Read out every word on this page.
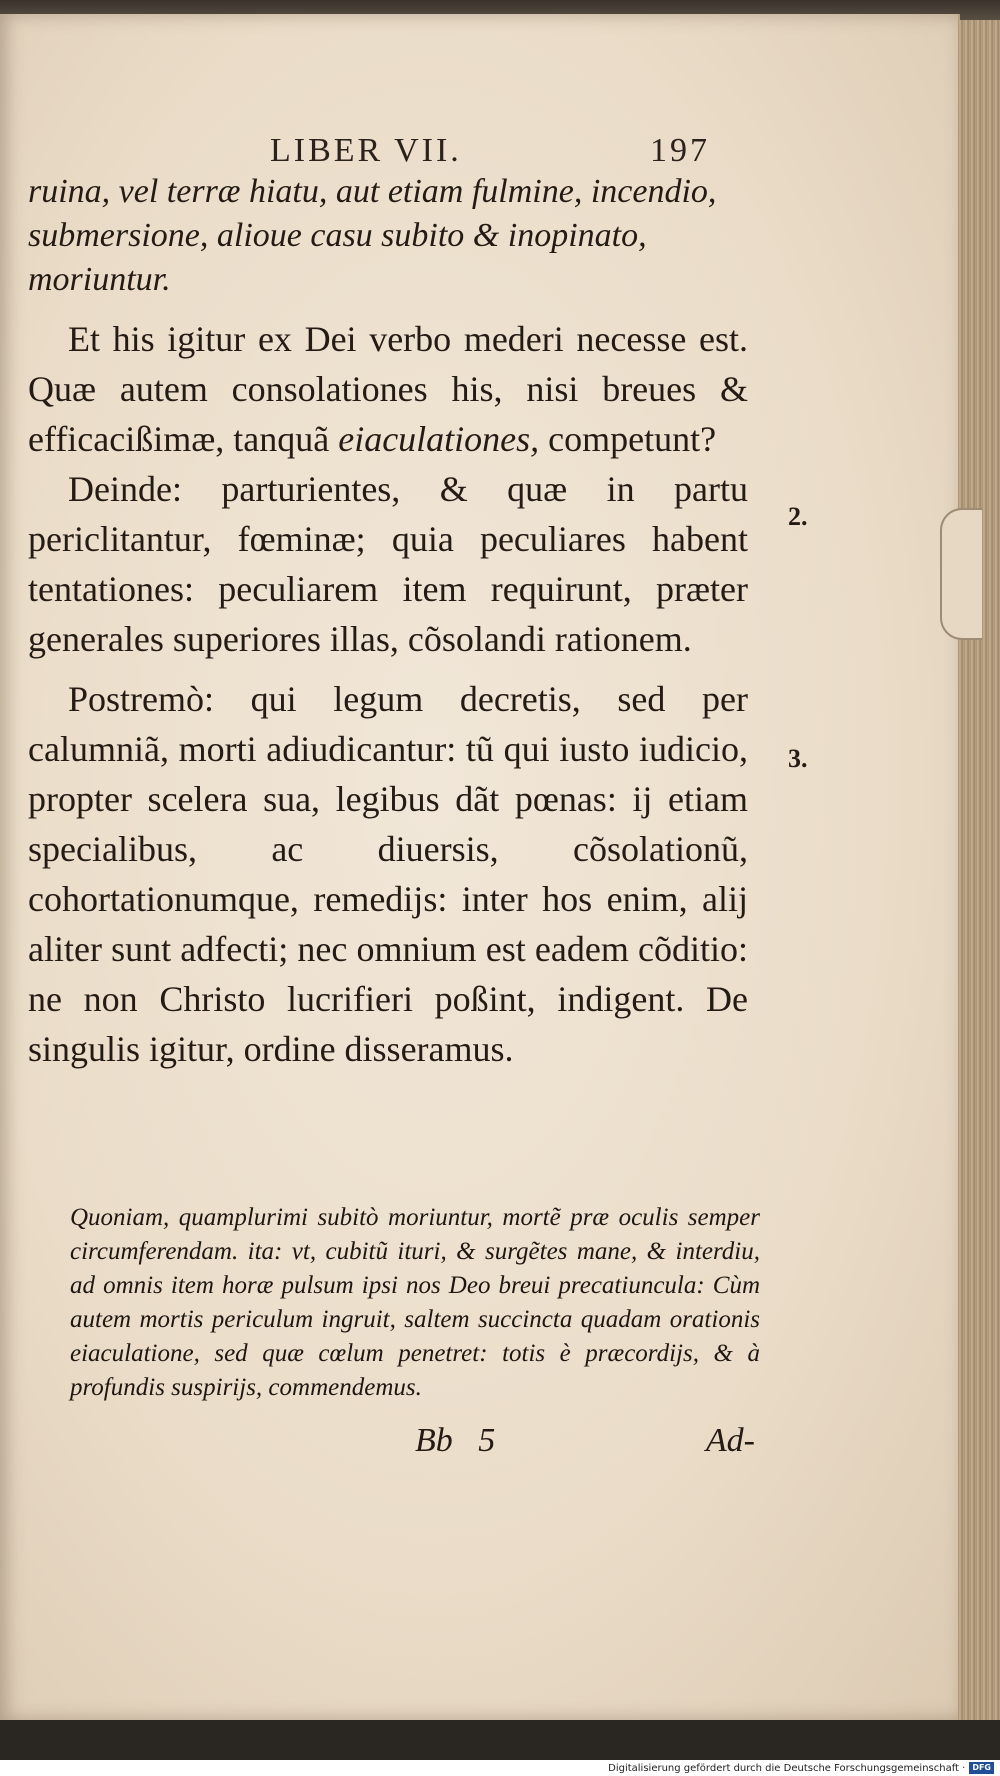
LIBER VII.	197

ruina, vel terræ hiatu, aut etiam fulmine, incendio, submersione, alioue casu subito & inopinato, moriuntur.

Et his igitur ex Dei verbo mederi necesse est. Quæ autem consolationes his, nisi breues & efficacißimæ, tanquã eiaculationes, competunt?

Deinde: parturientes, & quæ in partu periclitantur, fœminæ; quia peculiares habent tentationes: peculiarem item requirunt, præter generales superiores illas, cõsolandi rationem.

Postremò: qui legum decretis, sed per calumniã, morti adiudicantur: tũ qui iusto iudicio, propter scelera sua, legibus dãt pœnas: ij etiam specialibus, ac diuersis, cõsolationũ, cohortationumque, remedijs: inter hos enim, alij aliter sunt adfecti; nec omnium est eadem cõditio: ne non Christo lucrifieri poßint, indigent. De singulis igitur, ordine disseramus.

2.
3.

Quoniam, quamplurimi subitò moriuntur, mortẽ præ oculis semper circumferendam. ita: vt, cubitũ ituri, & surgẽtes mane, & interdiu, ad omnis item horæ pulsum ipsi nos Deo breui precatiuncula: Cùm autem mortis periculum ingruit, saltem succincta quadam orationis eiaculatione, sed quæ cœlum penetret: totis è præcordijs, & à profundis suspirijs, commendemus.

Bb 5	Ad-
Digitalisierung gefördert durch die Deutsche Forschungsgemeinschaft · DFG
